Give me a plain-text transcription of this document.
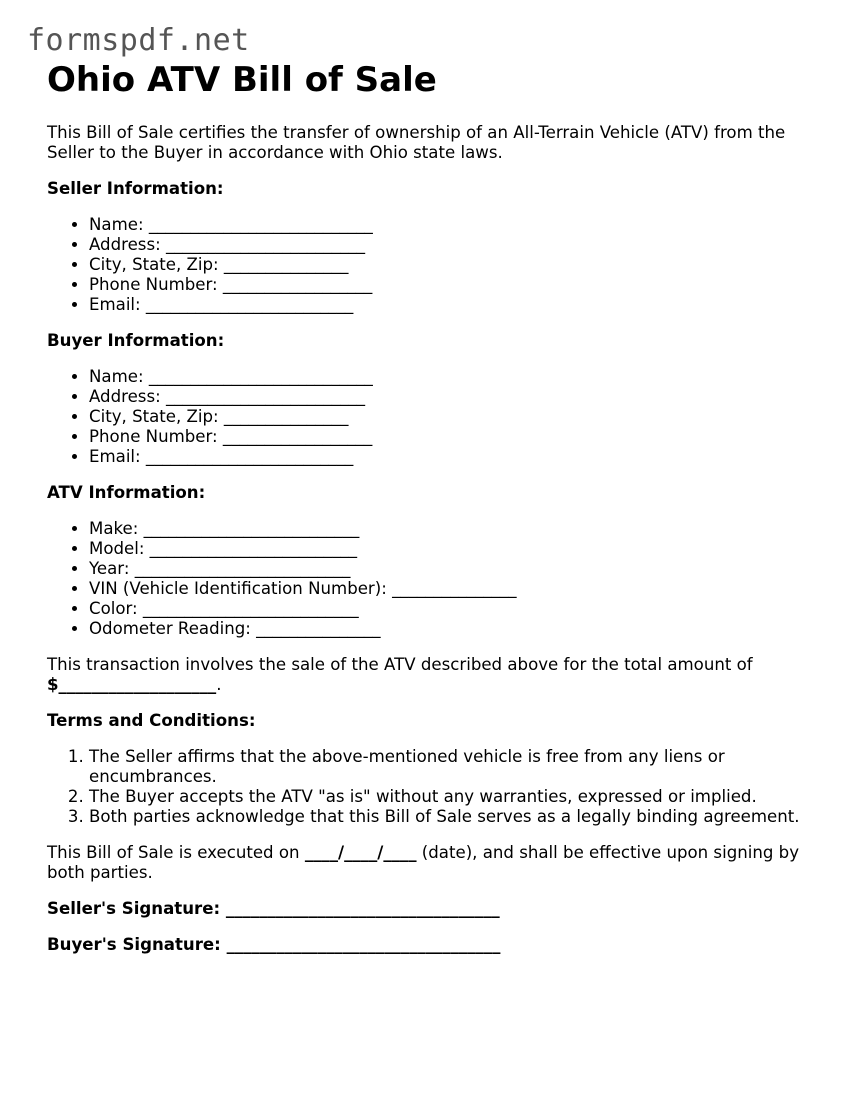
formspdf.net
Ohio ATV Bill of Sale

This Bill of Sale certifies the transfer of ownership of an All-Terrain Vehicle (ATV) from the Seller to the Buyer in accordance with Ohio state laws.

Seller Information:

• Name: ___________________________
• Address: ________________________
• City, State, Zip: _______________
• Phone Number: __________________
• Email: _________________________

Buyer Information:

• Name: ___________________________
• Address: ________________________
• City, State, Zip: _______________
• Phone Number: __________________
• Email: _________________________

ATV Information:

• Make: __________________________
• Model: _________________________
• Year: __________________________
• VIN (Vehicle Identification Number): _______________
• Color: __________________________
• Odometer Reading: _______________

This transaction involves the sale of the ATV described above for the total amount of $___________________.

Terms and Conditions:

1. The Seller affirms that the above-mentioned vehicle is free from any liens or encumbrances.
2. The Buyer accepts the ATV "as is" without any warranties, expressed or implied.
3. Both parties acknowledge that this Bill of Sale serves as a legally binding agreement.

This Bill of Sale is executed on ____/____/____ (date), and shall be effective upon signing by both parties.

Seller's Signature: _________________________________

Buyer's Signature: _________________________________
